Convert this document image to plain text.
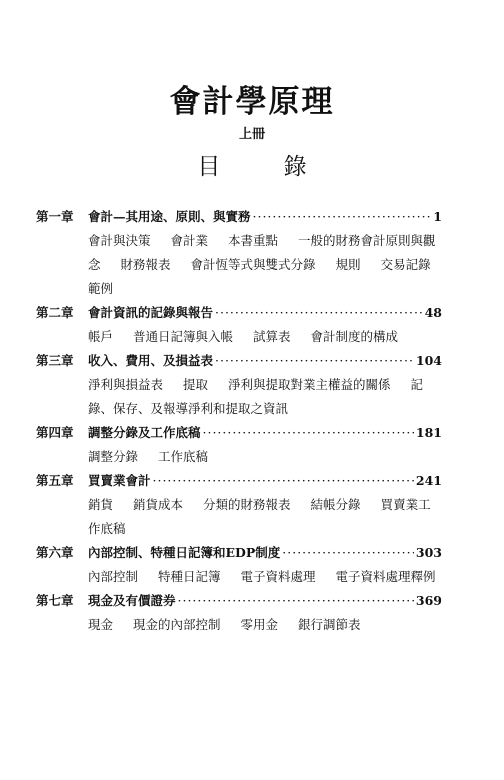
會計學原理
上冊
目 錄
第一章	會計—其用途、原則、與實務 ·····	1
會計與決策 會計業 本書重點 一般的財務會計原則與觀念 財務報表 會計恆等式與雙式分錄 規則 交易記錄範例
第二章	會計資訊的記錄與報告 ·····	48
帳戶 普通日記簿與入帳 試算表 會計制度的構成
第三章	收入、費用、及損益表 ·····	104
淨利與損益表 提取 淨利與提取對業主權益的關係 記錄、保存、及報導淨利和提取之資訊
第四章	調整分錄及工作底稿 ·····	181
調整分錄 工作底稿
第五章	買賣業會計 ·····	241
銷貨 銷貨成本 分類的財務報表 結帳分錄 買賣業工作底稿
第六章	內部控制、特種日記簿和EDP制度 ·····	303
內部控制 特種日記簿 電子資料處理 電子資料處理釋例
第七章	現金及有價證券 ·····	369
現金 現金的內部控制 零用金 銀行調節表
